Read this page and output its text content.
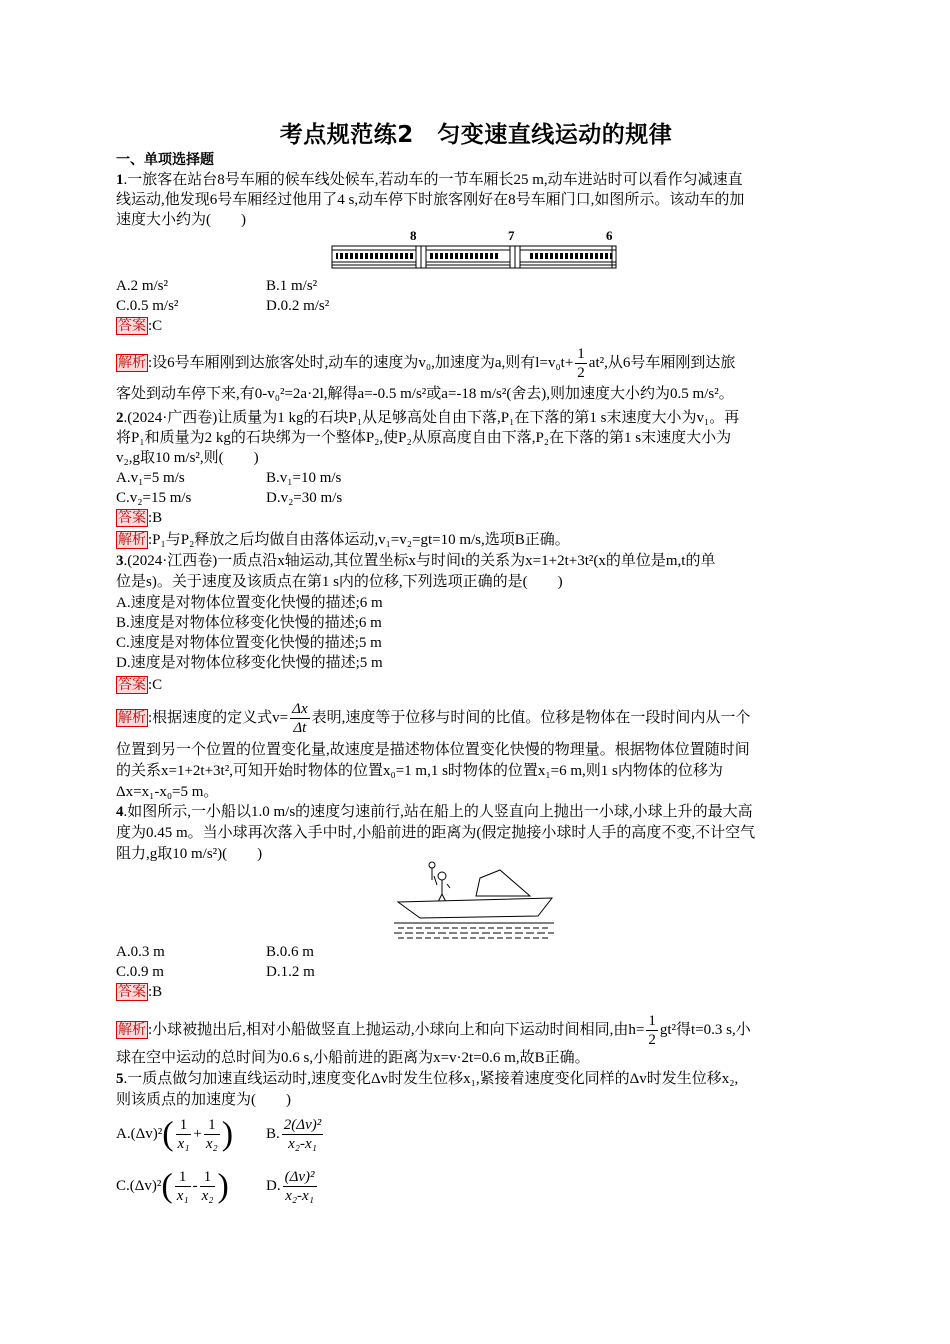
考点规范练2　匀变速直线运动的规律
一、单项选择题
1.一旅客在站台8号车厢的候车线处候车,若动车的一节车厢长25 m,动车进站时可以看作匀减速直
线运动,他发现6号车厢经过他用了4 s,动车停下时旅客刚好在8号车厢门口,如图所示。该动车的加
速度大小约为(　　)
8	7	6
A.2 m/s²	B.1 m/s²
C.0.5 m/s²	D.0.2 m/s²
答案 :C
解析 :设6号车厢刚到达旅客处时,动车的速度为v₀,加速度为a,则有$l=v_0t+ \frac{1}{2} at^2$,从6号车厢刚到达旅
客处到动车停下来,有0-v₀²=2a·2l,解得a=-0.5 m/s²或a=-18 m/s²(舍去),则加速度大小约为0.5 m/s²。
2.(2024·广西卷)让质量为1 kg的石块P₁从足够高处自由下落,P₁在下落的第1 s末速度大小为v₁。再
将P₁和质量为2 kg的石块绑为一个整体P₂,使P₂从原高度自由下落,P₂在下落的第1 s末速度大小为
v₂,g取10 m/s²,则(　　)
A.v₁=5 m/s	B.v₁=10 m/s
C.v₂=15 m/s	D.v₂=30 m/s
答案 :B
解析 :P₁与P₂释放之后均做自由落体运动,v₁=v₂=gt=10 m/s,选项B正确。
3.(2024·江西卷)一质点沿x轴运动,其位置坐标x与时间t的关系为x=1+2t+3t²(x的单位是m,t的单
位是s)。关于速度及该质点在第1 s内的位移,下列选项正确的是(　　)
A.速度是对物体位置变化快慢的描述;6 m
B.速度是对物体位移变化快慢的描述;6 m
C.速度是对物体位置变化快慢的描述;5 m
D.速度是对物体位移变化快慢的描述;5 m
答案 :C
解析 :根据速度的定义式$v= \frac{\Delta x}{\Delta t}$ 表明,速度等于位移与时间的比值。位移是物体在一段时间内从一个
位置到另一个位置的位置变化量,故速度是描述物体位置变化快慢的物理量。根据物体位置随时间
的关系x=1+2t+3t²,可知开始时物体的位置x₀=1 m,1 s时物体的位置x₁=6 m,则1 s内物体的位移为
Δx=x₁-x₀=5 m。
4.如图所示,一小船以1.0 m/s的速度匀速前行,站在船上的人竖直向上抛出一小球,小球上升的最大高
度为0.45 m。当小球再次落入手中时,小船前进的距离为(假定抛接小球时人手的高度不变,不计空气
阻力,g取10 m/s²)(　　)
A.0.3 m	B.0.6 m
C.0.9 m	D.1.2 m
答案 :B
解析 :小球被抛出后,相对小船做竖直上抛运动,小球向上和向下运动时间相同,由$h= \frac{1}{2} gt^2$得t=0.3 s,小
球在空中运动的总时间为0.6 s,小船前进的距离为x=v·2t=0.6 m,故B正确。
5.一质点做匀加速直线运动时,速度变化Δv时发生位移x₁,紧接着速度变化同样的Δv时发生位移x₂,
则该质点的加速度为(　　)
$A.(\Delta v)^2( \frac{1}{\text{x₁}} + \frac{1}{\text{x₂}}$ ) B. $\frac{\text{2(Δv)²}}{\text{x₂-x₁}}$
$C.(\Delta v)^2( \frac{1}{\text{x₁}} - \frac{1}{\text{x₂}}$ ) D. $\frac{\text{(Δv)²}}{\text{x₂-x₁}}$
